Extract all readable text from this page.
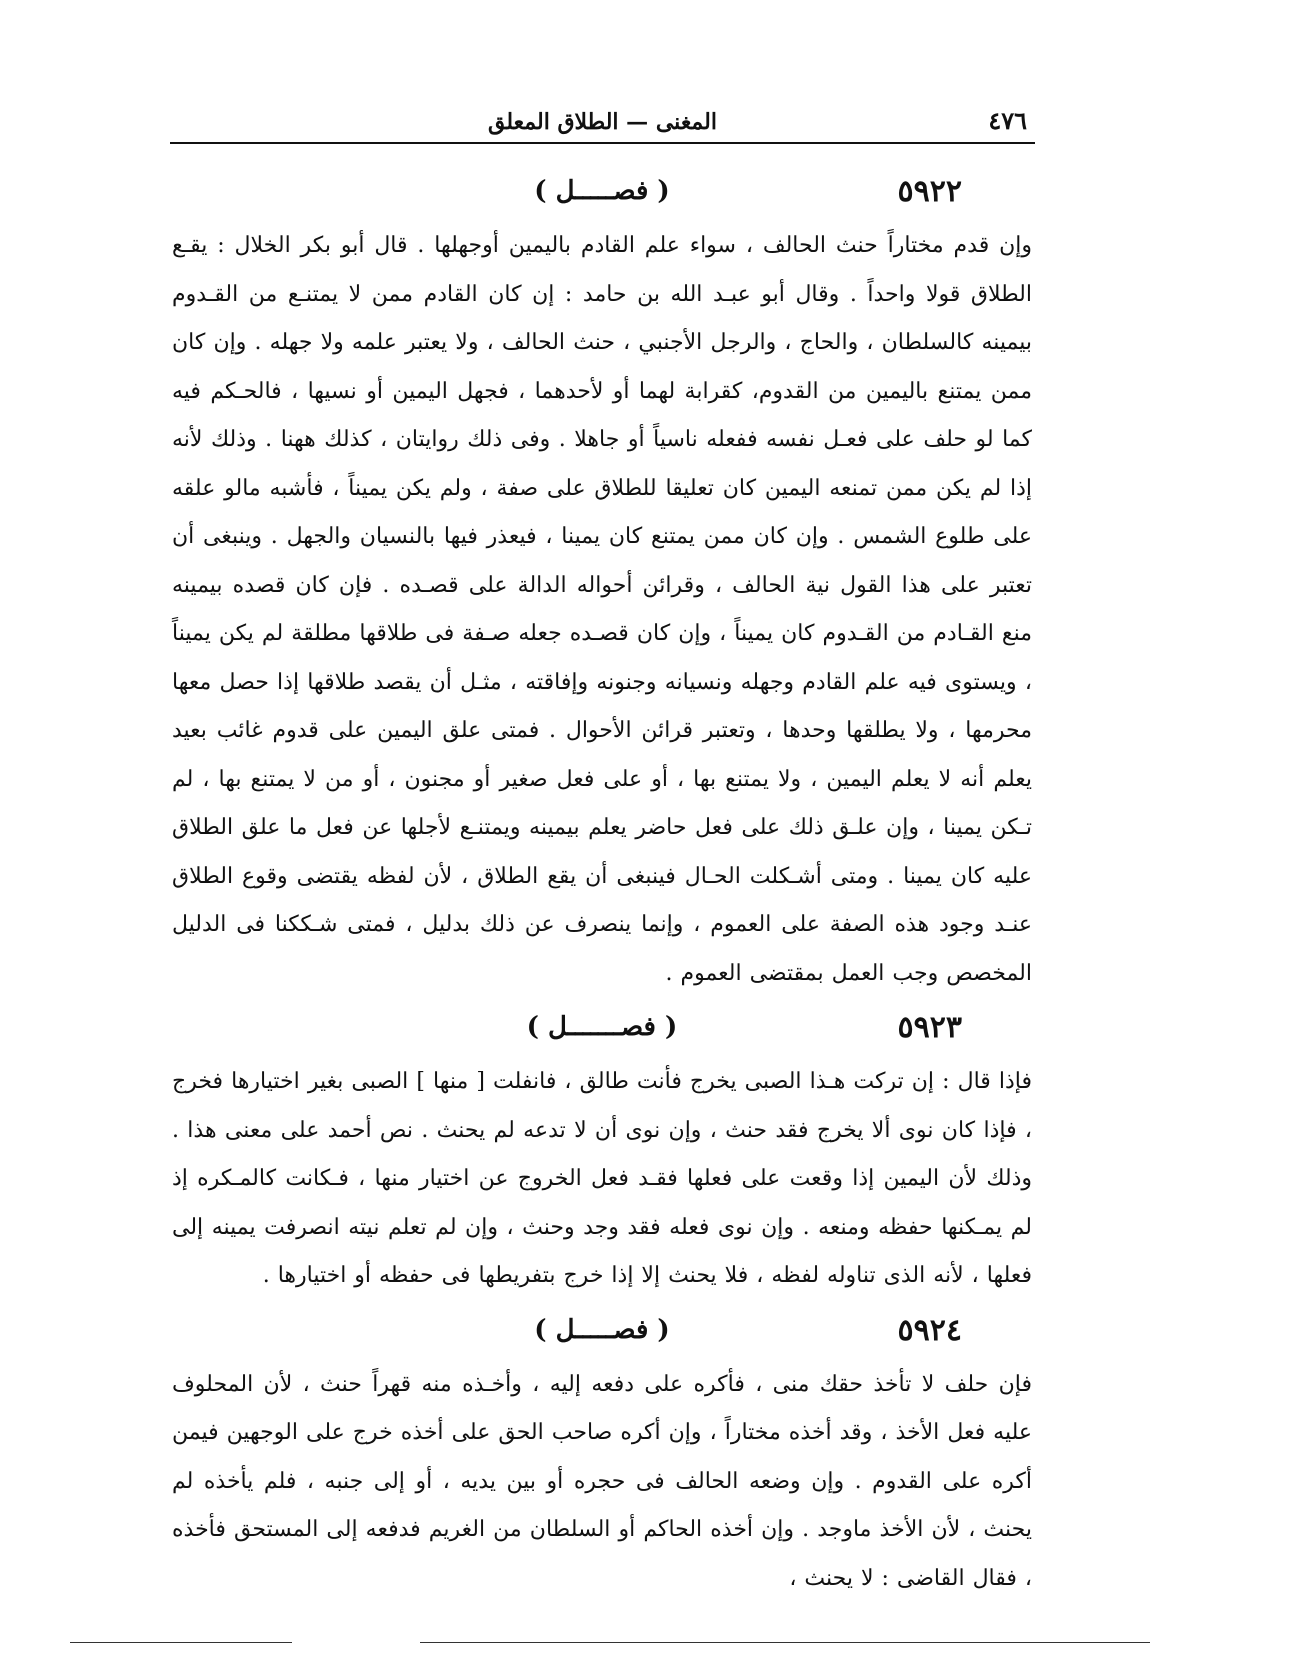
٤٧٦
المغنى — الطلاق المعلق
٥٩٢٢
( فصـــــل )

وإن قدم مختاراً حنث الحالف ، سواء علم القادم باليمين أوجهلها . قال أبو بكر الخلال : يقـع الطلاق قولا واحداً . وقال أبو عبـد الله بن حامد : إن كان القادم ممن لا يمتنـع من القـدوم بيمينه كالسلطان ، والحاج ، والرجل الأجنبي ، حنث الحالف ، ولا يعتبر علمه ولا جهله . وإن كان ممن يمتنع باليمين من القدوم، كقرابة لهما أو لأحدهما ، فجهل اليمين أو نسيها ، فالحـكم فيه كما لو حلف على فعـل نفسه ففعله ناسياً أو جاهلا . وفى ذلك روايتان ، كذلك ههنا . وذلك لأنه إذا لم يكن ممن تمنعه اليمين كان تعليقا للطلاق على صفة ، ولم يكن يميناً ، فأشبه مالو علقه على طلوع الشمس . وإن كان ممن يمتنع كان يمينا ، فيعذر فيها بالنسيان والجهل . وينبغى أن تعتبر على هذا القول نية الحالف ، وقرائن أحواله الدالة على قصـده . فإن كان قصده بيمينه منع القـادم من القـدوم كان يميناً ، وإن كان قصـده جعله صـفة فى طلاقها مطلقة لم يكن يميناً ، ويستوى فيه علم القادم وجهله ونسيانه وجنونه وإفاقته ، مثـل أن يقصد طلاقها إذا حصل معها محرمها ، ولا يطلقها وحدها ، وتعتبر قرائن الأحوال . فمتى علق اليمين على قدوم غائب بعيد يعلم أنه لا يعلم اليمين ، ولا يمتنع بها ، أو على فعل صغير أو مجنون ، أو من لا يمتنع بها ، لم تـكن يمينا ، وإن علـق ذلك على فعل حاضر يعلم بيمينه ويمتنـع لأجلها عن فعل ما علق الطلاق عليه كان يمينا . ومتى أشـكلت الحـال فينبغى أن يقع الطلاق ، لأن لفظه يقتضى وقوع الطلاق عنـد وجود هذه الصفة على العموم ، وإنما ينصرف عن ذلك بدليل ، فمتى شـككنا فى الدليل المخصص وجب العمل بمقتضى العموم .

٥٩٢٣
( فصـــــــل )

فإذا قال : إن تركت هـذا الصبى يخرج فأنت طالق ، فانفلت [ منها ] الصبى بغير اختيارها فخرج ، فإذا كان نوى ألا يخرج فقد حنث ، وإن نوى أن لا تدعه لم يحنث . نص أحمد على معنى هذا . وذلك لأن اليمين إذا وقعت على فعلها فقـد فعل الخروج عن اختيار منها ، فـكانت كالمـكره إذ لم يمـكنها حفظه ومنعه . وإن نوى فعله فقد وجد وحنث ، وإن لم تعلم نيته انصرفت يمينه إلى فعلها ، لأنه الذى تناوله لفظه ، فلا يحنث إلا إذا خرج بتفريطها فى حفظه أو اختيارها .

٥٩٢٤
( فصـــــل )

فإن حلف لا تأخذ حقك منى ، فأكره على دفعه إليه ، وأخـذه منه قهراً حنث ، لأن المحلوف عليه فعل الأخذ ، وقد أخذه مختاراً ، وإن أكره صاحب الحق على أخذه خرج على الوجهين فيمن أكره على القدوم . وإن وضعه الحالف فى حجره أو بين يديه ، أو إلى جنبه ، فلم يأخذه لم يحنث ، لأن الأخذ ماوجد . وإن أخذه الحاكم أو السلطان من الغريم فدفعه إلى المستحق فأخذه ، فقال القاضى : لا يحنث ،
